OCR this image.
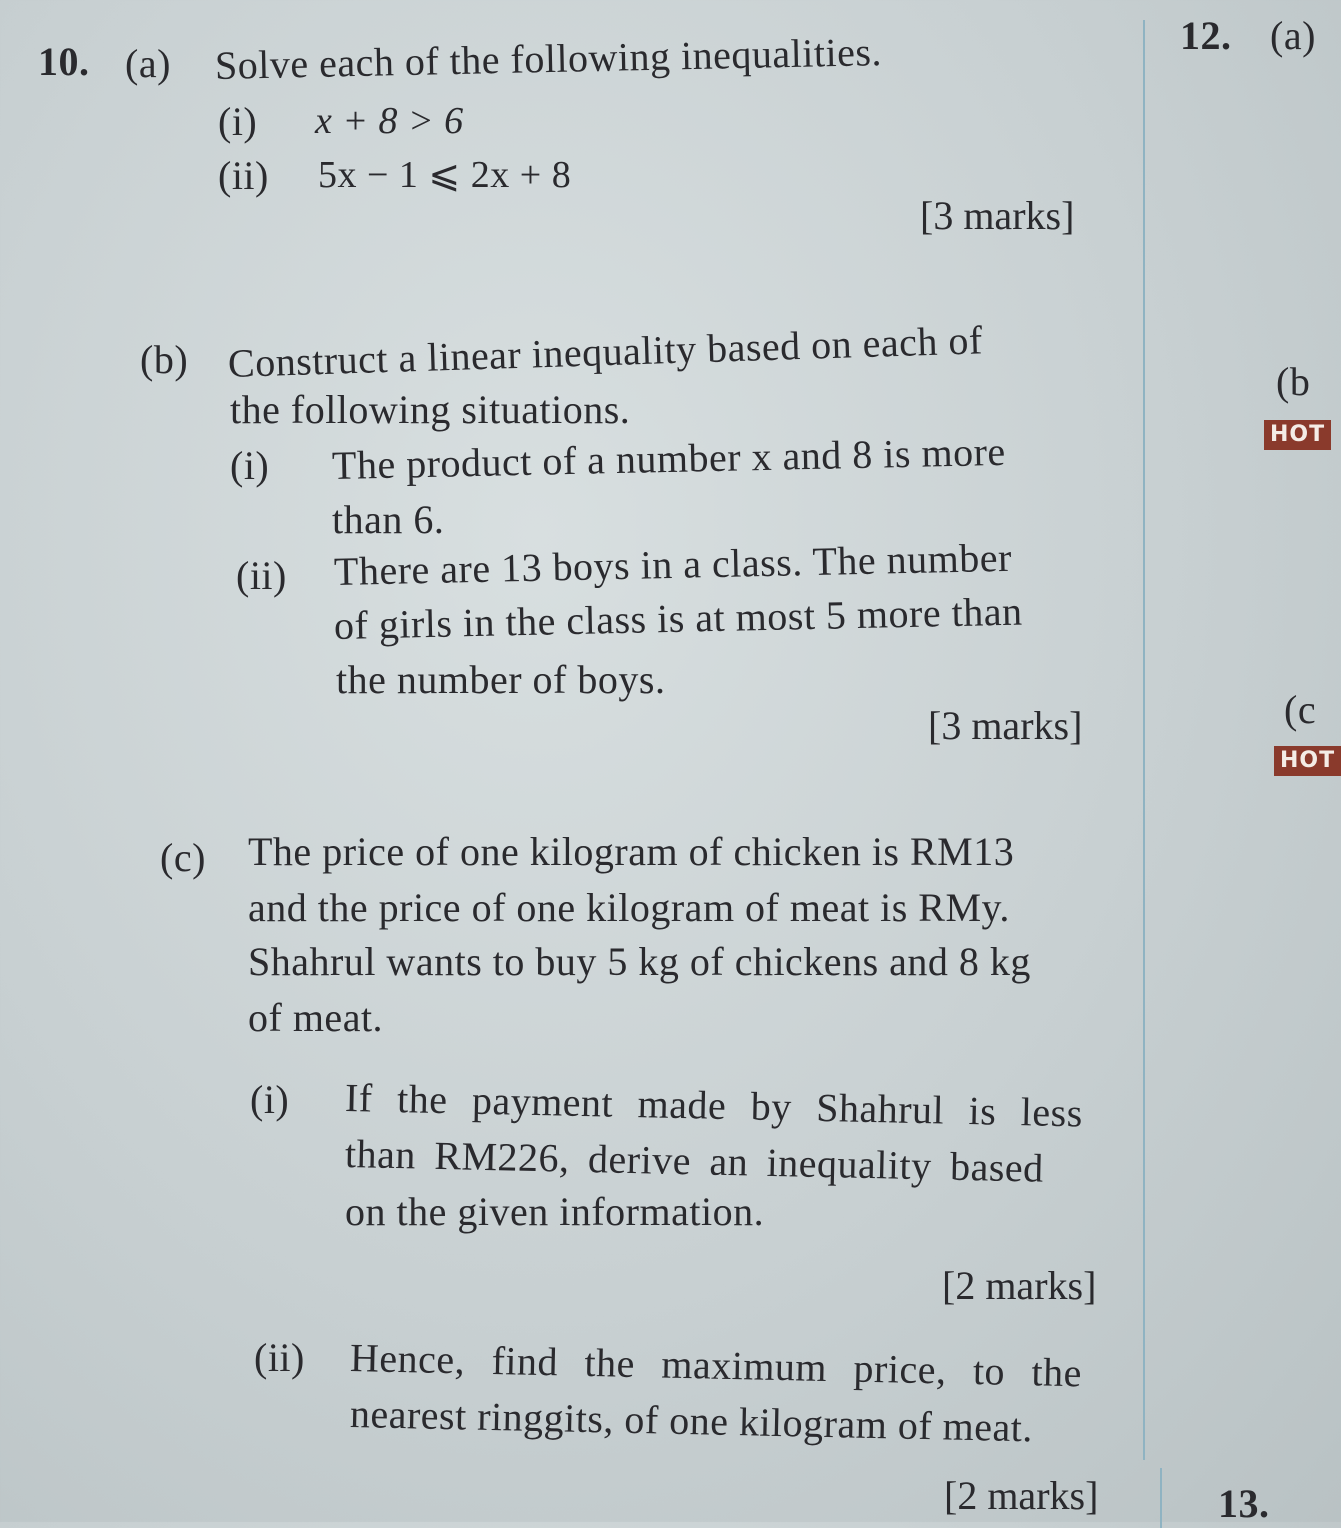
10. (a) Solve each of the following inequalities.
(i) x + 8 > 6
(ii) 5x − 1 ⩽ 2x + 8
[3 marks]
(b) Construct a linear inequality based on each of
the following situations.
(i) The product of a number x and 8 is more
than 6.
(ii) There are 13 boys in a class. The number
of girls in the class is at most 5 more than
the number of boys.
[3 marks]
(c) The price of one kilogram of chicken is RM13
and the price of one kilogram of meat is RMy.
Shahrul wants to buy 5 kg of chickens and 8 kg
of meat.
(i) If the payment made by Shahrul is less
than RM226, derive an inequality based
on the given information.
[2 marks]
(ii) Hence, find the maximum price, to the
nearest ringgits, of one kilogram of meat.
[2 marks]
12. (a)
(b
HOT
(c
HOT
13.
